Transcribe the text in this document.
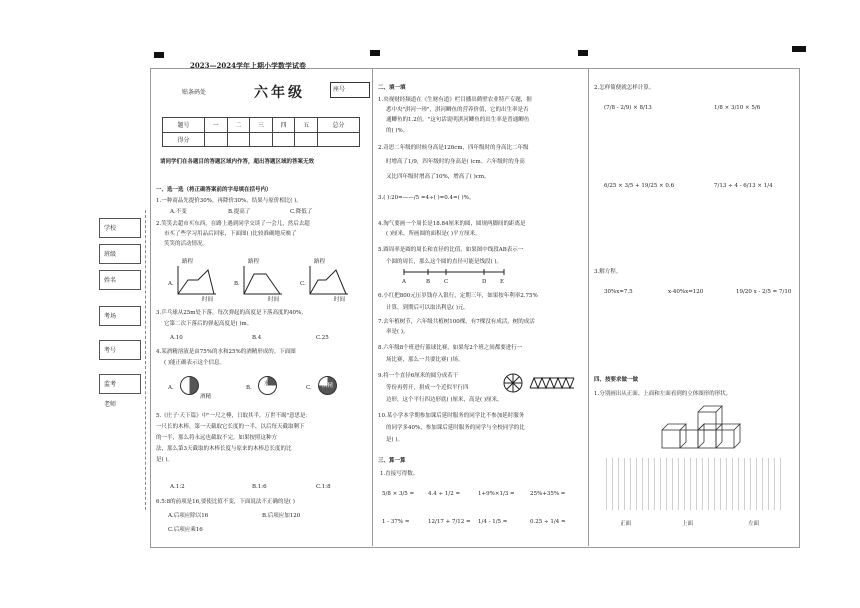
2023—2024学年上期小学数学试卷
贴条码处	六年级	座号
学校
班级
姓名
考场
考号
监考老师
题号	一	二	三	四	五	总分
得分						
请同学们在各题目的答题区域内作答，超出答题区域的答案无效
一、选一选（将正确答案前的字母填在括号内）
1.一种商品先提价30%，再降价30%，结果与原价相比( )。
A.不变	B.提高了	C.降低了
2.笑笑去超市买东西，在路上遇到同学交谈了一会儿，然后去超
市买了些学习用品后回家，下面图( )比较准确地反映了
笑笑的活动情况。
A.
路程
时间
B.
路程
时间
C.
路程
时间
3.乒乓球从25m处下落，每次弹起的高度是下落高度的40%，
它第二次下落后的弹起高度是( )m。
A.10	B.4	C.25
4.某酒精溶液是由75%的水和25%的酒精形成的。下面图
( )能正确表示这个信息。
A.
酒精
B.
水
C. 酒精
5.《庄子·天下篇》中"一尺之棰，日取其半，万世不竭"意思是：
一尺长的木棒，第一天截取它长度的一半，以后每天截取剩下
的一半，那么将永远也截取不完。如果按照这种方
法，那么第3天截取的木棒长度与原来的木棒总长度的比
是( )。
A.1:2	B.1:6	C.1:8
6.5:8的前项是16,要使比值不变，下面说法不正确的是( )
A.后项应除以16	B.后项应加120
C.后项应乘16
二、填一填
1.央视财经频道在《生财有道》栏目播出鹤壁农业特产专题，据
悉中央"淇河一珍"，淇河鲫鱼的营养价值，它的出生率是否
通鲫鱼的1.2倍。"这句话说明淇河鲫鱼的出生率是普通鲫鱼
的( )%。
2.奇思二年级的时候身高是126cm，四年级时的身高比二年级
时增高了1/9，四年级时的身高是( )cm。六年级时的身高
又比四年级时增高了10%，增高了( )cm。
3.( ):20=——/5 =4÷( )=0.4=( )%。
4.淘气要画一个周长是18.84厘米的圆，圆规两脚间的距离是
( )厘米，所画圆的面积是( )平方厘米。
5.圆周率是圆的周长和直径的比值，如果图中线段AB表示一
个圆的周长，那么这个圆的直径可能是线段( )。
6.小红把800元压岁钱存入银行，定期三年，如果按年利率2.75%
计算，到期后可以取出利息( )元。
7.去年植树节，六年级共植树100棵，有7棵没有成活，树的成活
率是( )。
8.六年级8个班进行篮球比赛，如果每2个班之间都要进行一
场比赛，那么一共要比赛( )场。
9.将一个直径6厘米的圆分成若干
等份再剪开，拼成一个近似平行四
边形，这个平行四边形底( )厘米，高是( )厘米。
10.某小学本学期参加课后延时服务的同学比不参加延时服务
的同学多40%，参加课后延时服务的同学与全校同学的比
是( )。
A	B	C	D E
三、算一算
1.直接写得数。
5/8 × 3/5 =	4.4 ÷ 1/2 =	1+9%×1/3 =	25%+35% =
1 - 37% =	12/17 + 7/12 = 1/4 - 1/5 =	0.25 ÷ 1/4 =
2.怎样简便就怎样计算。
(7/8 - 2/9) × 8/13	1/8 × 3/10 × 5/6
6/25 × 3/5 + 19/25 × 0.6	7/13 ÷ 4 - 6/13 × 1/4
3.解方程。
30%x=7.5	x-40%x=120	19/20 x - 2/5 = 7/10
四、按要求做一做
1.分别画出从正面、上面和左面看到的立体图形的形状。
正面	上面	左面
